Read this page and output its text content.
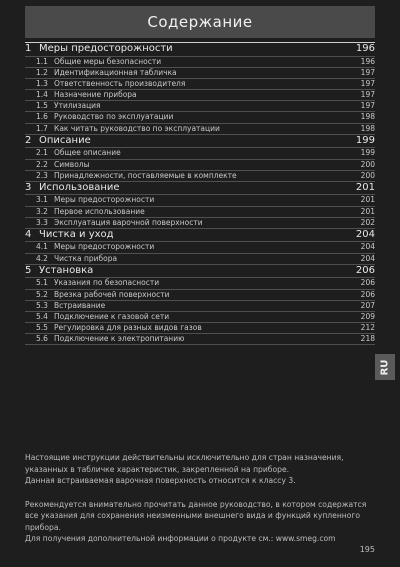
Содержание
1 Меры предосторожности	196
1.1 Общие меры безопасности	196
1.2 Идентификационная табличка	197
1.3 Ответственность производителя	197
1.4 Назначение прибора	197
1.5 Утилизация	197
1.6 Руководство по эксплуатации	198
1.7 Как читать руководство по эксплуатации	198
2 Описание	199
2.1 Общее описание	199
2.2 Символы	200
2.3 Принадлежности, поставляемые в комплекте	200
3 Использование	201
3.1 Меры предосторожности	201
3.2 Первое использование	201
3.3 Эксплуатация варочной поверхности	202
4 Чистка и уход	204
4.1 Меры предосторожности	204
4.2 Чистка прибора	204
5 Установка	206
5.1 Указания по безопасности	206
5.2 Врезка рабочей поверхности	206
5.3 Встраивание	207
5.4 Подключение к газовой сети	209
5.5 Регулировка для разных видов газов	212
5.6 Подключение к электропитанию	218
RU

Настоящие инструкции действительны исключительно для стран назначения, указанных в табличке характеристик, закрепленной на приборе.

Данная встраиваемая варочная поверхность относится к классу 3.

Рекомендуется внимательно прочитать данное руководство, в котором содержатся все указания для сохранения неизменными внешнего вида и функций купленного прибора.

Для получения дополнительной информации о продукте см.: www.smeg.com

195
